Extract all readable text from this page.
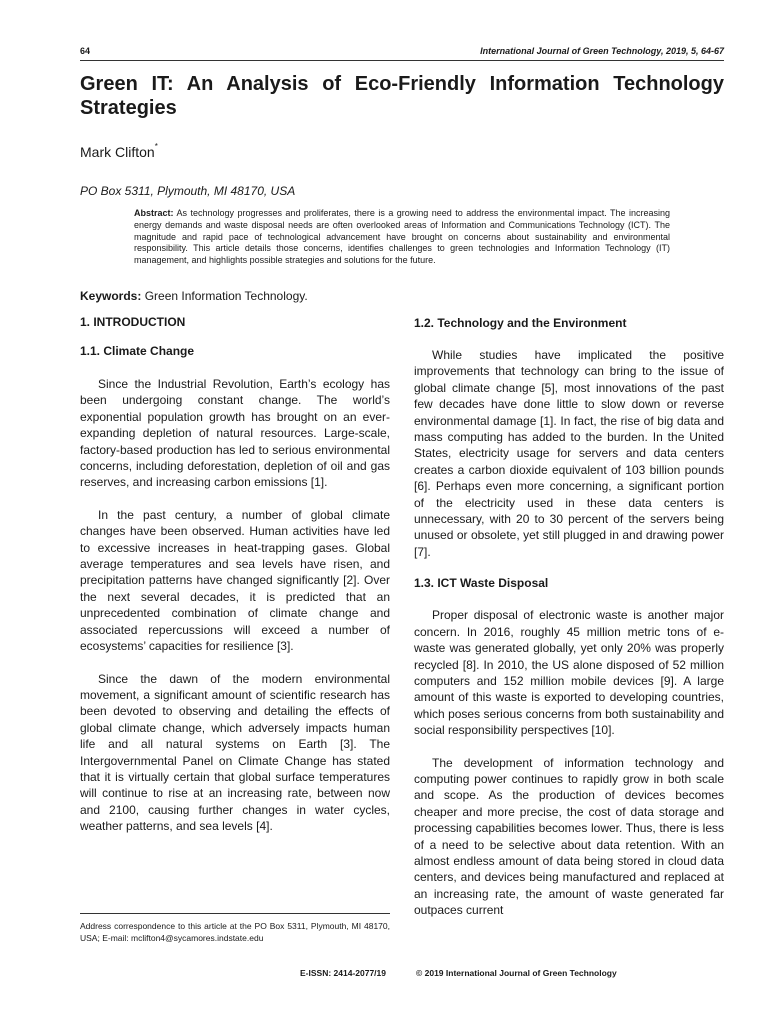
64	International Journal of Green Technology, 2019, 5, 64-67
Green IT: An Analysis of Eco-Friendly Information Technology
Strategies
Mark Clifton*
PO Box 5311, Plymouth, MI 48170, USA
Abstract: As technology progresses and proliferates, there is a growing need to address the environmental impact. The increasing energy demands and waste disposal needs are often overlooked areas of Information and Communications Technology (ICT). The magnitude and rapid pace of technological advancement have brought on concerns about sustainability and environmental responsibility. This article details those concerns, identifies challenges to green technologies and Information Technology (IT) management, and highlights possible strategies and solutions for the future.
Keywords: Green Information Technology.
1. INTRODUCTION
1.1. Climate Change

Since the Industrial Revolution, Earth’s ecology has been undergoing constant change. The world’s exponential population growth has brought on an ever-expanding depletion of natural resources. Large-scale, factory-based production has led to serious environmental concerns, including deforestation, depletion of oil and gas reserves, and increasing carbon emissions [1].

In the past century, a number of global climate changes have been observed. Human activities have led to excessive increases in heat-trapping gases. Global average temperatures and sea levels have risen, and precipitation patterns have changed significantly [2]. Over the next several decades, it is predicted that an unprecedented combination of climate change and associated repercussions will exceed a number of ecosystems’ capacities for resilience [3].

Since the dawn of the modern environmental movement, a significant amount of scientific research has been devoted to observing and detailing the effects of global climate change, which adversely impacts human life and all natural systems on Earth [3]. The Intergovernmental Panel on Climate Change has stated that it is virtually certain that global surface temperatures will continue to rise at an increasing rate, between now and 2100, causing further changes in water cycles, weather patterns, and sea levels [4].

1.2. Technology and the Environment

While studies have implicated the positive improvements that technology can bring to the issue of global climate change [5], most innovations of the past few decades have done little to slow down or reverse environmental damage [1]. In fact, the rise of big data and mass computing has added to the burden. In the United States, electricity usage for servers and data centers creates a carbon dioxide equivalent of 103 billion pounds [6]. Perhaps even more concerning, a significant portion of the electricity used in these data centers is unnecessary, with 20 to 30 percent of the servers being unused or obsolete, yet still plugged in and drawing power [7].

1.3. ICT Waste Disposal

Proper disposal of electronic waste is another major concern. In 2016, roughly 45 million metric tons of e-waste was generated globally, yet only 20% was properly recycled [8]. In 2010, the US alone disposed of 52 million computers and 152 million mobile devices [9]. A large amount of this waste is exported to developing countries, which poses serious concerns from both sustainability and social responsibility perspectives [10].

The development of information technology and computing power continues to rapidly grow in both scale and scope. As the production of devices becomes cheaper and more precise, the cost of data storage and processing capabilities becomes lower. Thus, there is less of a need to be selective about data retention. With an almost endless amount of data being stored in cloud data centers, and devices being manufactured and replaced at an increasing rate, the amount of waste generated far outpaces current

Address correspondence to this article at the PO Box 5311, Plymouth, MI 48170, USA; E-mail: mclifton4@sycamores.indstate.edu
E-ISSN: 2414-2077/19	© 2019 International Journal of Green Technology
